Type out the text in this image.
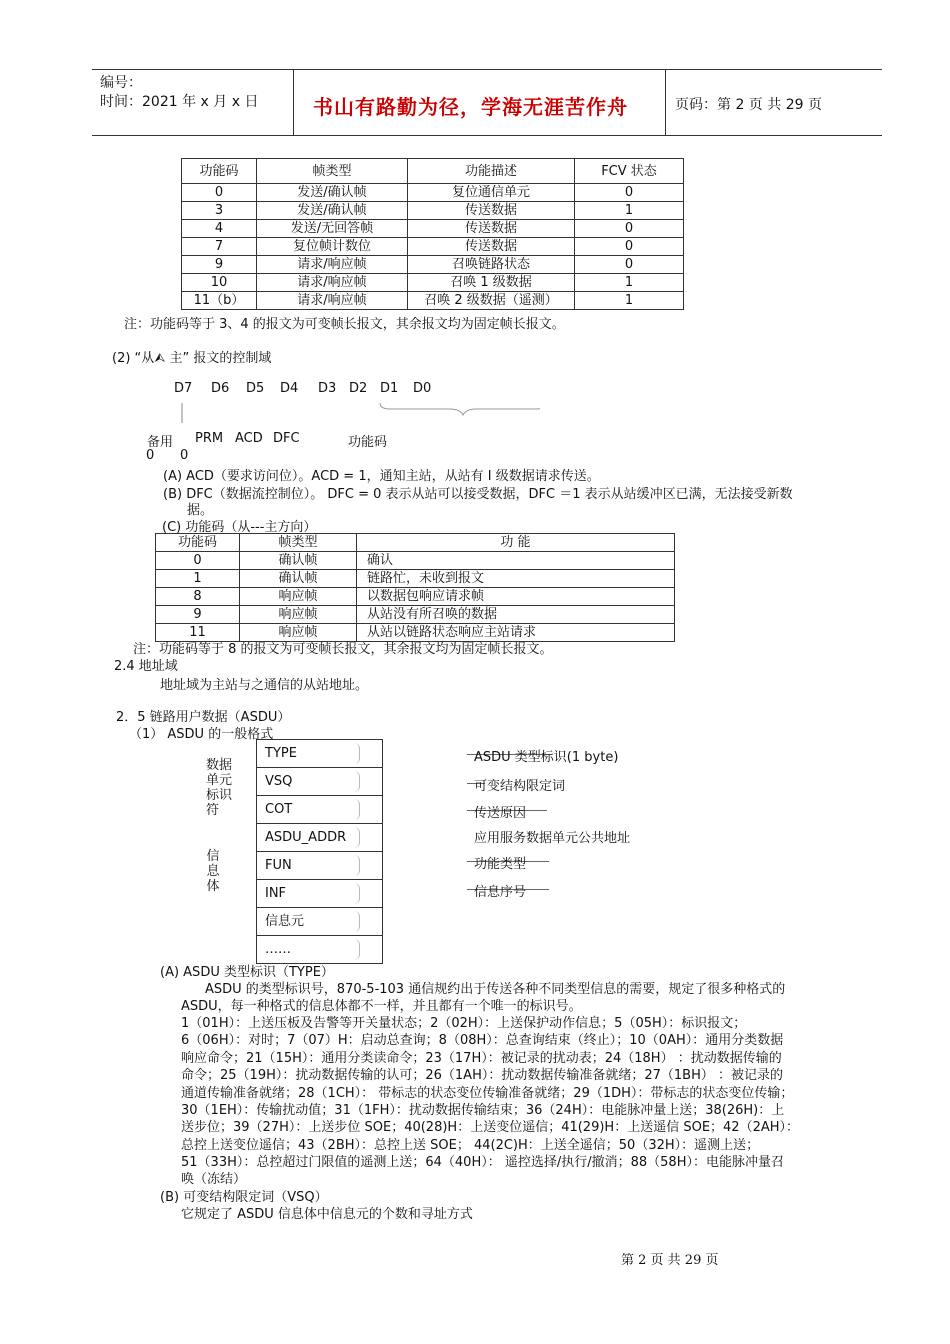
编号：
时间：2021 年 x 月 x 日	书山有路勤为径，学海无涯苦作舟	页码：第 2 页 共 29 页
功能码	帧类型	功能描述	FCV 状态
0	发送/确认帧	复位通信单元	0
3	发送/确认帧	传送数据	1
4	发送/无回答帧	传送数据	0
7	复位帧计数位	传送数据	0
9	请求/响应帧	召唤链路状态	0
10	请求/响应帧	召唤 1 级数据	1
11（b）	请求/响应帧	召唤 2 级数据（遥测）	1
注：功能码等于 3、4 的报文为可变帧长报文，其余报文均为固定帧长报文。
(2) “从⮙ 主” 报文的控制域
D7 D6 D5 D4 D3 D2 D1 D0
备用 PRM ACD DFC	功能码
0 0
(A) ACD（要求访问位）。ACD = 1，通知主站，从站有 I 级数据请求传送。
(B) DFC（数据流控制位）。 DFC = 0 表示从站可以接受数据，DFC ＝1 表示从站缓冲区已满，无法接受新数
据。
(C) 功能码（从---主方向）
功能码	帧类型	功 能
0	确认帧	确认
1	确认帧	链路忙，未收到报文
8	响应帧	以数据包响应请求帧
9	响应帧	从站没有所召唤的数据
11	响应帧	从站以链路状态响应主站请求
注：功能码等于 8 的报文为可变帧长报文，其余报文均为固定帧长报文。
2.4 地址域
地址域为主站与之通信的从站地址。
2．5 链路用户数据（ASDU）
（1） ASDU 的一般格式
数据
单元
标识
符
信
息
体
TYPE
VSQ
COT
ASDU_ADDR
FUN
INF
信息元
……
ASDU 类型标识(1 byte)
可变结构限定词
传送原因
应用服务数据单元公共地址
功能类型
信息序号
(A) ASDU 类型标识（TYPE）
ASDU 的类型标识号，870-5-103 通信规约出于传送各种不同类型信息的需要，规定了很多种格式的
ASDU，每一种格式的信息体都不一样，并且都有一个唯一的标识号。
1（01H）：上送压板及告警等开关量状态；2（02H）：上送保护动作信息；5（05H）：标识报文；
6（06H）：对时；7（07）H：启动总查询；8（08H）：总查询结束（终止）；10（0AH）：通用分类数据
响应命令；21（15H）：通用分类读命令；23（17H）：被记录的扰动表；24（18H） ：扰动数据传输的
命令；25（19H）：扰动数据传输的认可；26（1AH）：扰动数据传输准备就绪；27（1BH） ：被记录的
通道传输准备就绪；28（1CH）： 带标志的状态变位传输准备就绪；29（1DH）：带标志的状态变位传输；
30（1EH）：传输扰动值；31（1FH）：扰动数据传输结束；36（24H）：电能脉冲量上送；38(26H)：上
送步位；39（27H）：上送步位 SOE；40(28)H：上送变位遥信；41(29)H：上送遥信 SOE；42（2AH）：
总控上送变位遥信；43（2BH）：总控上送 SOE； 44(2C)H：上送全遥信；50（32H）：遥测上送；
51（33H）：总控超过门限值的遥测上送；64（40H）： 遥控选择/执行/撤消；88（58H）：电能脉冲量召
唤（冻结）
(B) 可变结构限定词（VSQ）
它规定了 ASDU 信息体中信息元的个数和寻址方式
第 2 页 共 29 页
